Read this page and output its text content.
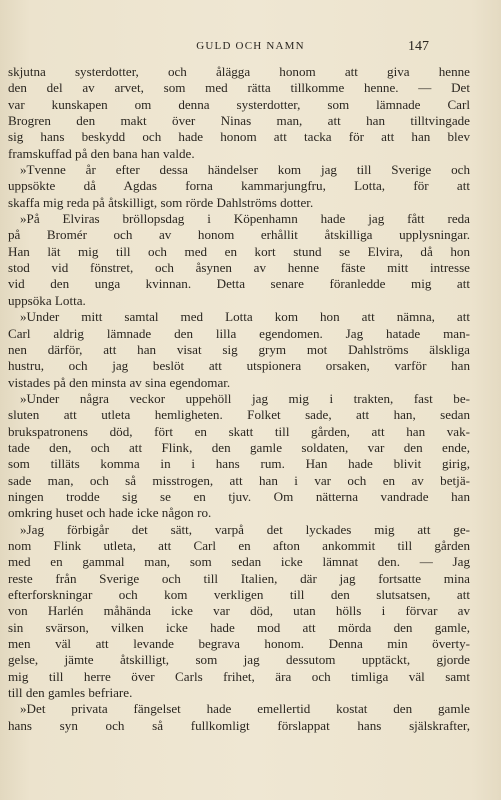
GULD OCH NAMN	147
skjutna systerdotter, och ålägga honom att giva henne
den del av arvet, som med rätta tillkomme henne. — Det
var kunskapen om denna systerdotter, som lämnade Carl
Brogren den makt över Ninas man, att han tilltvingade
sig hans beskydd och hade honom att tacka för att han blev
framskuffad på den bana han valde.
»Tvenne år efter dessa händelser kom jag till Sverige och
uppsökte då Agdas forna kammarjungfru, Lotta, för att
skaffa mig reda på åtskilligt, som rörde Dahlströms dotter.
»På Elviras bröllopsdag i Köpenhamn hade jag fått reda
på Bromér och av honom erhållit åtskilliga upplysningar.
Han lät mig till och med en kort stund se Elvira, då hon
stod vid fönstret, och åsynen av henne fäste mitt intresse
vid den unga kvinnan. Detta senare föranledde mig att
uppsöka Lotta.
»Under mitt samtal med Lotta kom hon att nämna, att
Carl aldrig lämnade den lilla egendomen. Jag hatade man-
nen därför, att han visat sig grym mot Dahlströms älskliga
hustru, och jag beslöt att utspionera orsaken, varför han
vistades på den minsta av sina egendomar.
»Under några veckor uppehöll jag mig i trakten, fast be-
sluten att utleta hemligheten. Folket sade, att han, sedan
brukspatronens död, fört en skatt till gården, att han vak-
tade den, och att Flink, den gamle soldaten, var den ende,
som tilläts komma in i hans rum. Han hade blivit girig,
sade man, och så misstrogen, att han i var och en av betjä-
ningen trodde sig se en tjuv. Om nätterna vandrade han
omkring huset och hade icke någon ro.
»Jag förbigår det sätt, varpå det lyckades mig att ge-
nom Flink utleta, att Carl en afton ankommit till gården
med en gammal man, som sedan icke lämnat den. — Jag
reste från Sverige och till Italien, där jag fortsatte mina
efterforskningar och kom verkligen till den slutsatsen, att
von Harlén måhända icke var död, utan hölls i förvar av
sin svärson, vilken icke hade mod att mörda den gamle,
men väl att levande begrava honom. Denna min överty-
gelse, jämte åtskilligt, som jag dessutom upptäckt, gjorde
mig till herre över Carls frihet, ära och timliga väl samt
till den gamles befriare.
»Det privata fängelset hade emellertid kostat den gamle
hans syn och så fullkomligt förslappat hans själskrafter,
